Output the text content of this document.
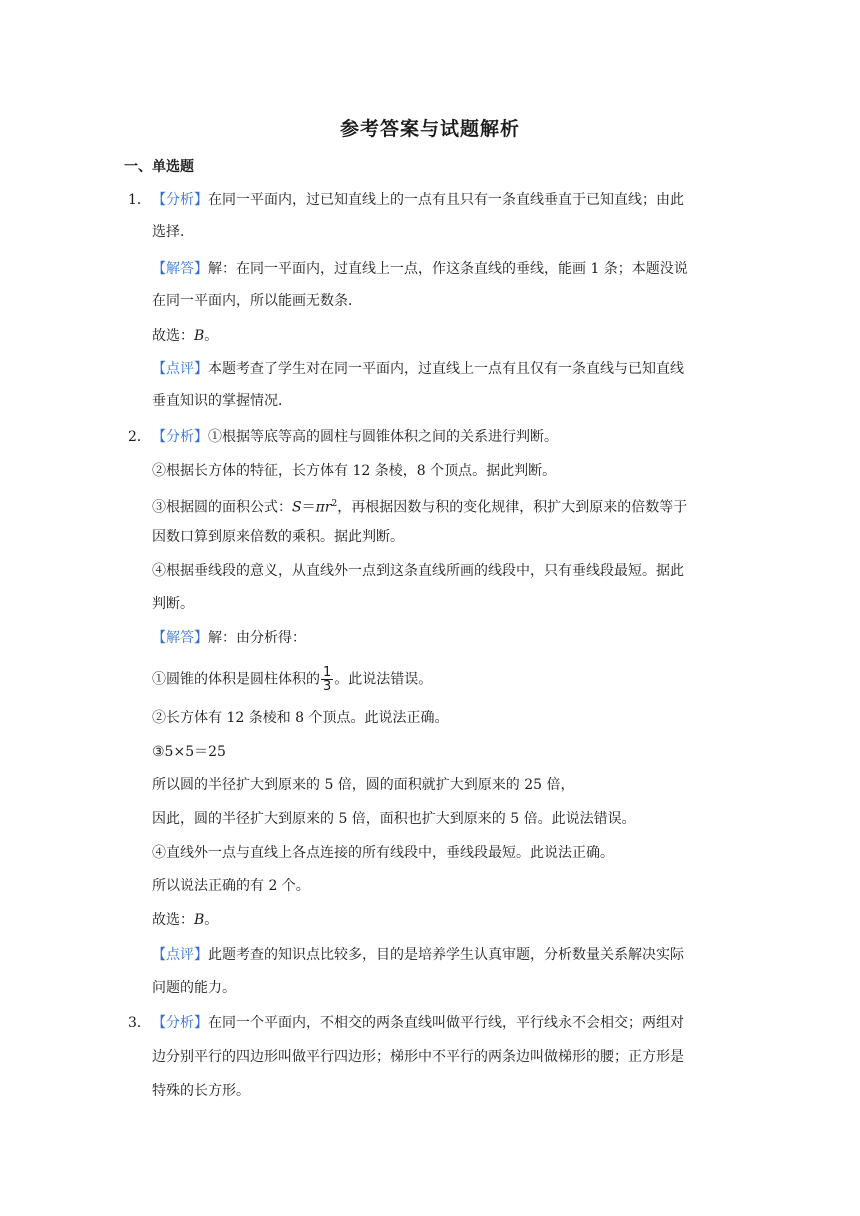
参考答案与试题解析
一、单选题
1． 【分析】在同一平面内，过已知直线上的一点有且只有一条直线垂直于已知直线；由此
选择．
【解答】解：在同一平面内，过直线上一点，作这条直线的垂线，能画 1 条；本题没说
在同一平面内，所以能画无数条．
故选：B。
【点评】本题考查了学生对在同一平面内，过直线上一点有且仅有一条直线与已知直线
垂直知识的掌握情况．
2． 【分析】①根据等底等高的圆柱与圆锥体积之间的关系进行判断。
②根据长方体的特征，长方体有 12 条棱，8 个顶点。据此判断。
③根据圆的面积公式：$S=\pi r^2$，再根据因数与积的变化规律，积扩大到原来的倍数等于
因数口算到原来倍数的乘积。据此判断。
④根据垂线段的意义，从直线外一点到这条直线所画的线段中，只有垂线段最短。据此
判断。
【解答】解：由分析得：
①圆锥的体积是圆柱体积的 $\frac{1}{3}$ 。此说法错误。
②长方体有 12 条棱和 8 个顶点。此说法正确。
③5×5＝25
所以圆的半径扩大到原来的 5 倍，圆的面积就扩大到原来的 25 倍，
因此，圆的半径扩大到原来的 5 倍，面积也扩大到原来的 5 倍。此说法错误。
④直线外一点与直线上各点连接的所有线段中，垂线段最短。此说法正确。
所以说法正确的有 2 个。
故选：B。
【点评】此题考查的知识点比较多，目的是培养学生认真审题，分析数量关系解决实际
问题的能力。
3． 【分析】在同一个平面内，不相交的两条直线叫做平行线，平行线永不会相交；两组对
边分别平行的四边形叫做平行四边形；梯形中不平行的两条边叫做梯形的腰；正方形是
特殊的长方形。
